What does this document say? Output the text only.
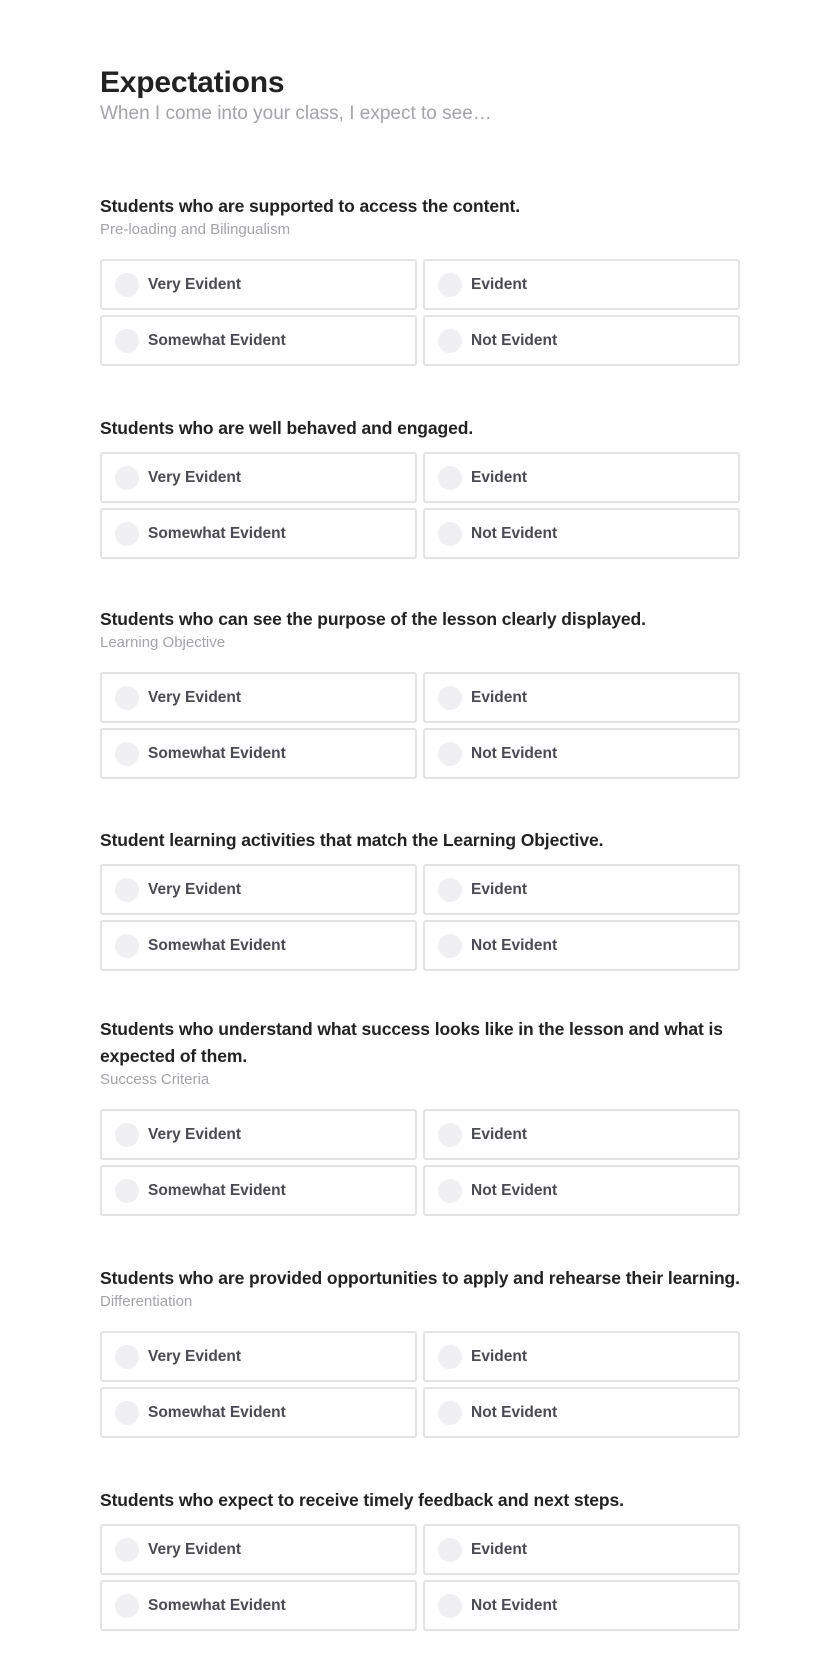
Expectations
When I come into your class, I expect to see…
Students who are supported to access the content.
Pre-loading and Bilingualism
Very Evident	Evident
Somewhat Evident	Not Evident
Students who are well behaved and engaged.
Very Evident	Evident
Somewhat Evident	Not Evident
Students who can see the purpose of the lesson clearly displayed.
Learning Objective
Very Evident	Evident
Somewhat Evident	Not Evident
Student learning activities that match the Learning Objective.
Very Evident	Evident
Somewhat Evident	Not Evident
Students who understand what success looks like in the lesson and what is expected of them.
Success Criteria
Very Evident	Evident
Somewhat Evident	Not Evident
Students who are provided opportunities to apply and rehearse their learning.
Differentiation
Very Evident	Evident
Somewhat Evident	Not Evident
Students who expect to receive timely feedback and next steps.
Very Evident	Evident
Somewhat Evident	Not Evident
